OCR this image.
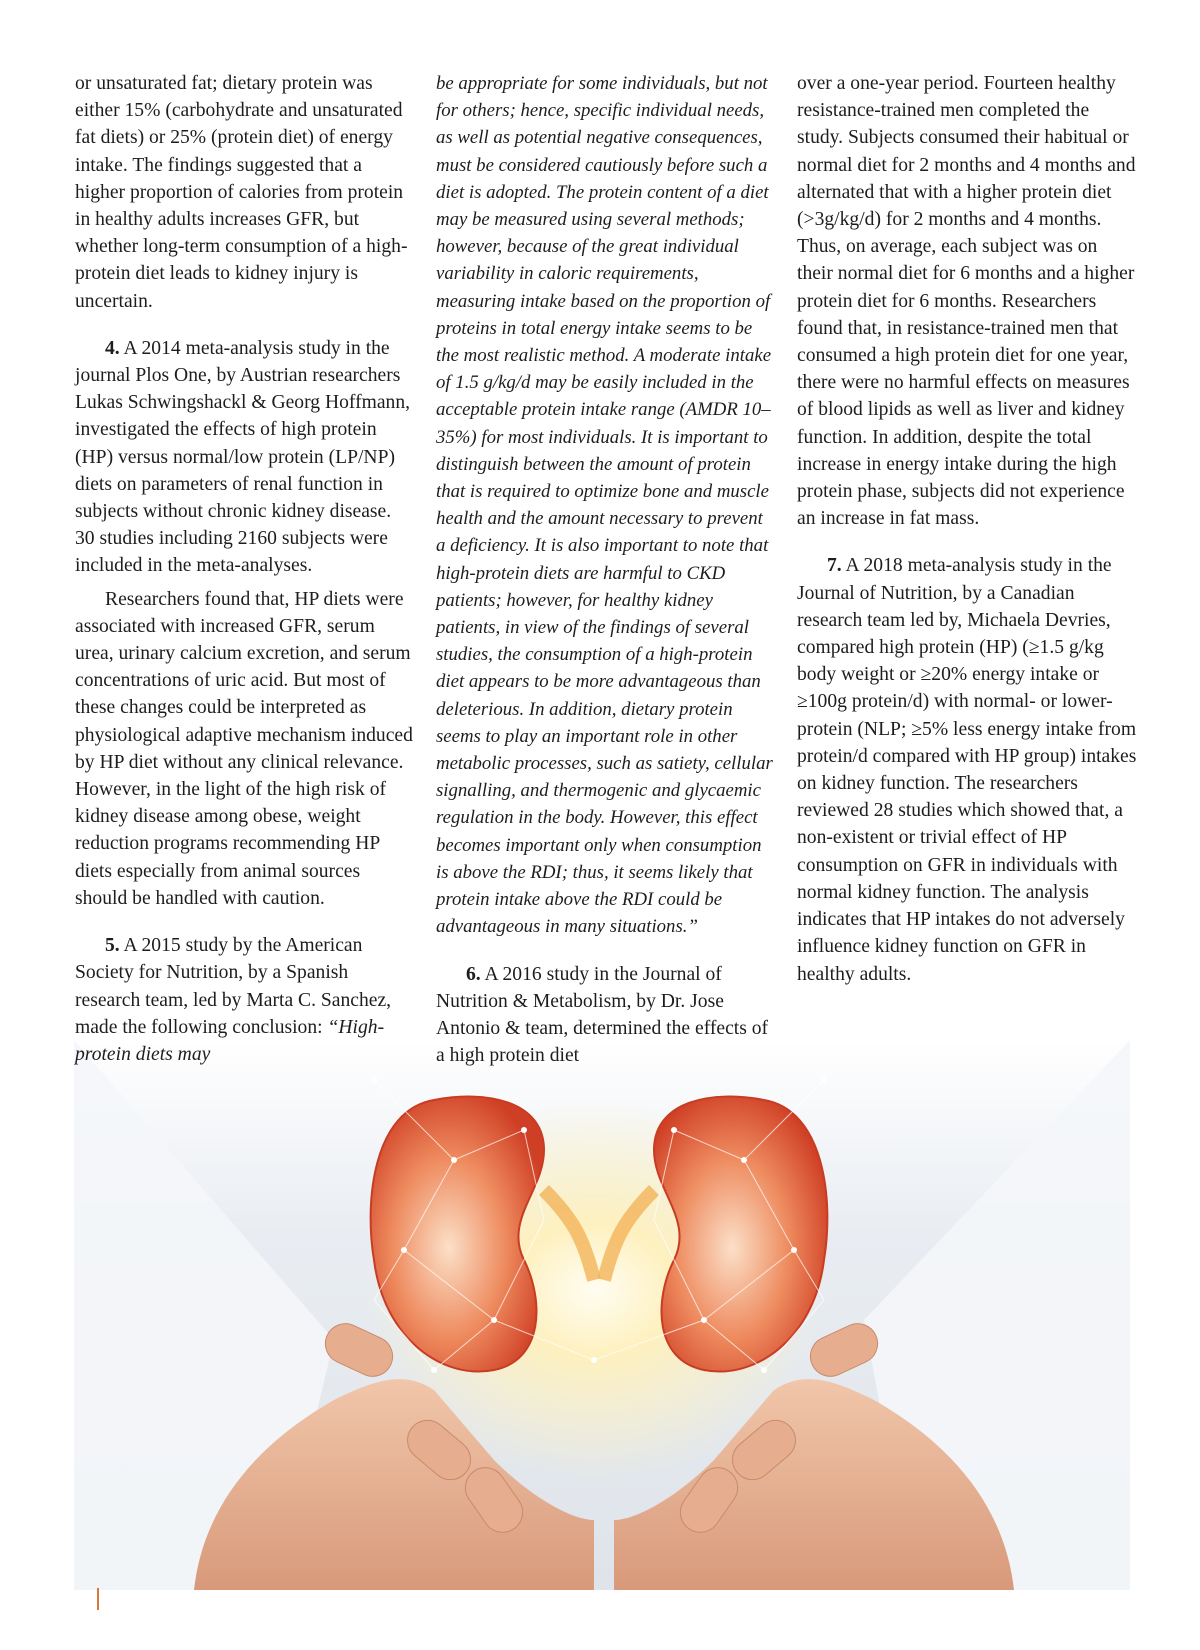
or unsaturated fat; dietary protein was either 15% (carbohydrate and unsaturated fat diets) or 25% (protein diet) of energy intake. The findings suggested that a higher proportion of calories from protein in healthy adults increases GFR, but whether long-term consumption of a high-protein diet leads to kidney injury is uncertain.

4. A 2014 meta-analysis study in the journal Plos One, by Austrian researchers Lukas Schwingshackl & Georg Hoffmann, investigated the effects of high protein (HP) versus normal/low protein (LP/NP) diets on parameters of renal function in subjects without chronic kidney disease. 30 studies including 2160 subjects were included in the meta-analyses.

Researchers found that, HP diets were associated with increased GFR, serum urea, urinary calcium excretion, and serum concentrations of uric acid. But most of these changes could be interpreted as physiological adaptive mechanism induced by HP diet without any clinical relevance. However, in the light of the high risk of kidney disease among obese, weight reduction programs recommending HP diets especially from animal sources should be handled with caution.

5. A 2015 study by the American Society for Nutrition, by a Spanish research team, led by Marta C. Sanchez, made the following conclusion: “High-protein diets may

be appropriate for some individuals, but not for others; hence, specific individual needs, as well as potential negative consequences, must be considered cautiously before such a diet is adopted. The protein content of a diet may be measured using several methods; however, because of the great individual variability in caloric requirements, measuring intake based on the proportion of proteins in total energy intake seems to be the most realistic method. A moderate intake of 1.5 g/kg/d may be easily included in the acceptable protein intake range (AMDR 10–35%) for most individuals. It is important to distinguish between the amount of protein that is required to optimize bone and muscle health and the amount necessary to prevent a deficiency. It is also important to note that high-protein diets are harmful to CKD patients; however, for healthy kidney patients, in view of the findings of several studies, the consumption of a high-protein diet appears to be more advantageous than deleterious. In addition, dietary protein seems to play an important role in other metabolic processes, such as satiety, cellular signalling, and thermogenic and glycaemic regulation in the body. However, this effect becomes important only when consumption is above the RDI; thus, it seems likely that protein intake above the RDI could be advantageous in many situations.”

6. A 2016 study in the Journal of Nutrition & Metabolism, by Dr. Jose Antonio & team, determined the effects of a high protein diet

over a one-year period. Fourteen healthy resistance-trained men completed the study. Subjects consumed their habitual or normal diet for 2 months and 4 months and alternated that with a higher protein diet (>3g/kg/d) for 2 months and 4 months. Thus, on average, each subject was on their normal diet for 6 months and a higher protein diet for 6 months. Researchers found that, in resistance-trained men that consumed a high protein diet for one year, there were no harmful effects on measures of blood lipids as well as liver and kidney function. In addition, despite the total increase in energy intake during the high protein phase, subjects did not experience an increase in fat mass.

7. A 2018 meta-analysis study in the Journal of Nutrition, by a Canadian research team led by, Michaela Devries, compared high protein (HP) (≥1.5 g/kg body weight or ≥20% energy intake or ≥100g protein/d) with normal- or lower-protein (NLP; ≥5% less energy intake from protein/d compared with HP group) intakes on kidney function. The researchers reviewed 28 studies which showed that, a non-existent or trivial effect of HP consumption on GFR in individuals with normal kidney function. The analysis indicates that HP intakes do not adversely influence kidney function on GFR in healthy adults.
